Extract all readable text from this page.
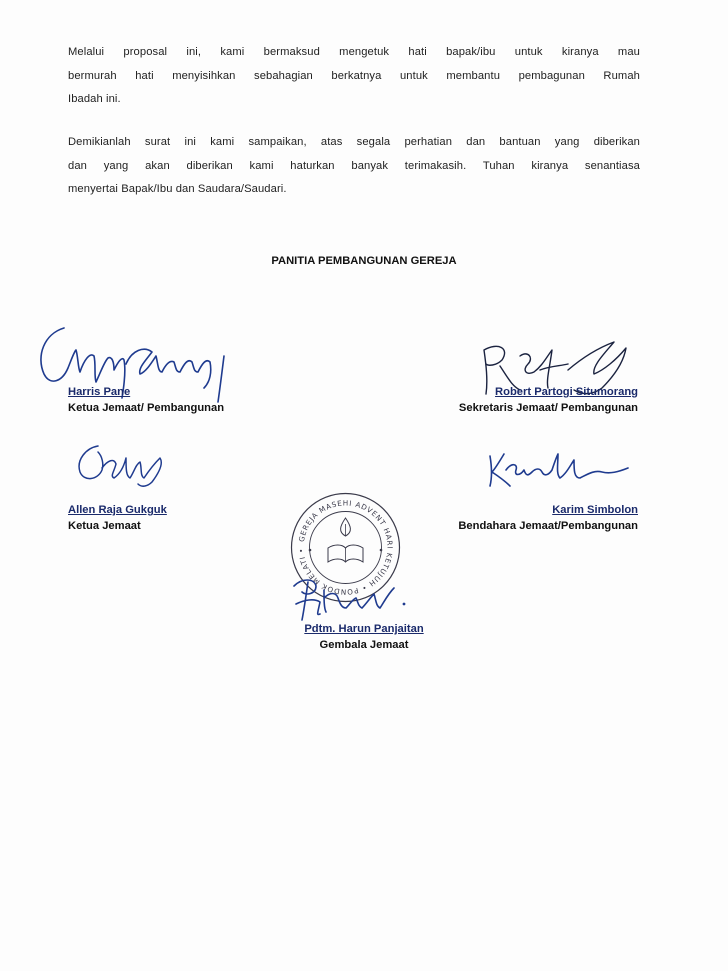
Melalui proposal ini, kami bermaksud mengetuk hati bapak/ibu untuk kiranya mau
bermurah hati menyisihkan sebahagian berkatnya untuk membantu pembagunan Rumah
Ibadah ini.
Demikianlah surat ini kami sampaikan, atas segala perhatian dan bantuan yang diberikan
dan yang akan diberikan kami haturkan banyak terimakasih. Tuhan kiranya senantiasa
menyertai Bapak/Ibu dan Saudara/Saudari.
PANITIA PEMBANGUNAN GEREJA
Harris Pane
Ketua Jemaat/ Pembangunan
Robert Partogi Situmorang
Sekretaris Jemaat/ Pembangunan
Allen Raja Gukguk
Ketua Jemaat
Karim Simbolon
Bendahara Jemaat/Pembangunan
GEREJA MASEHI ADVENT HARI KETUJUH • PONDOK MELATI •
Pdtm. Harun Panjaitan
Gembala Jemaat
